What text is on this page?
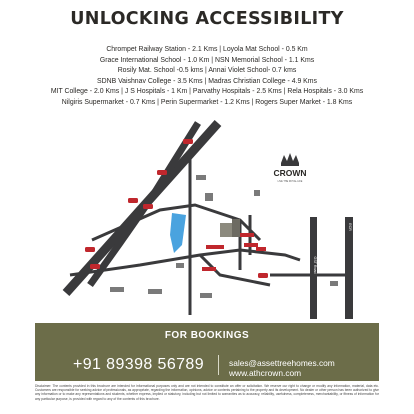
UNLOCKING ACCESSIBILITY
Chrompet Railway Station - 2.1 Kms | Loyola Mat School - 0.5 Km
Grace International School - 1.0 Km | NSN Memorial School - 1.1 Kms
Rosily Mat. School -0.5 kms | Annai Violet School- 0.7 kms
SDNB Vaishnav College - 3.5 Kms | Madras Christian College - 4.9 Kms
MIT College - 2.0 Kms | J S Hospitals - 1 Km | Parvathy Hospitals - 2.5 Kms | Rela Hospitals - 3.0 Kms
Nilgiris Supermarket - 0.7 Kms | Perin Supermarket - 1.2 Kms | Rogers Super Market - 1.8 Kms
CROWN
LIVE THE ROYAL LIFE
GST Road
ECR
FOR BOOKINGS
+91 89398 56789	sales@assettreehomes.com
www.athcrown.com
Disclaimer: The contents provided in this brochure are intended for informational purposes only and are not intended to constitute an offer or solicitation. We reserve our right to change or modify any information, material, data etc. Customers are responsible for seeking advice of professionals, as appropriate, regarding the information, opinions, advice or contents pertaining to the property and its development. No dealer or other person has been authorized to give any information or to make any representations and students, whether express, implied or statutory, including but not limited to warranties as to accuracy, reliability, usefulness, completeness, merchantability, or fitness of information for any particular purpose, is provided with regard to any of the contents of this brochure.
